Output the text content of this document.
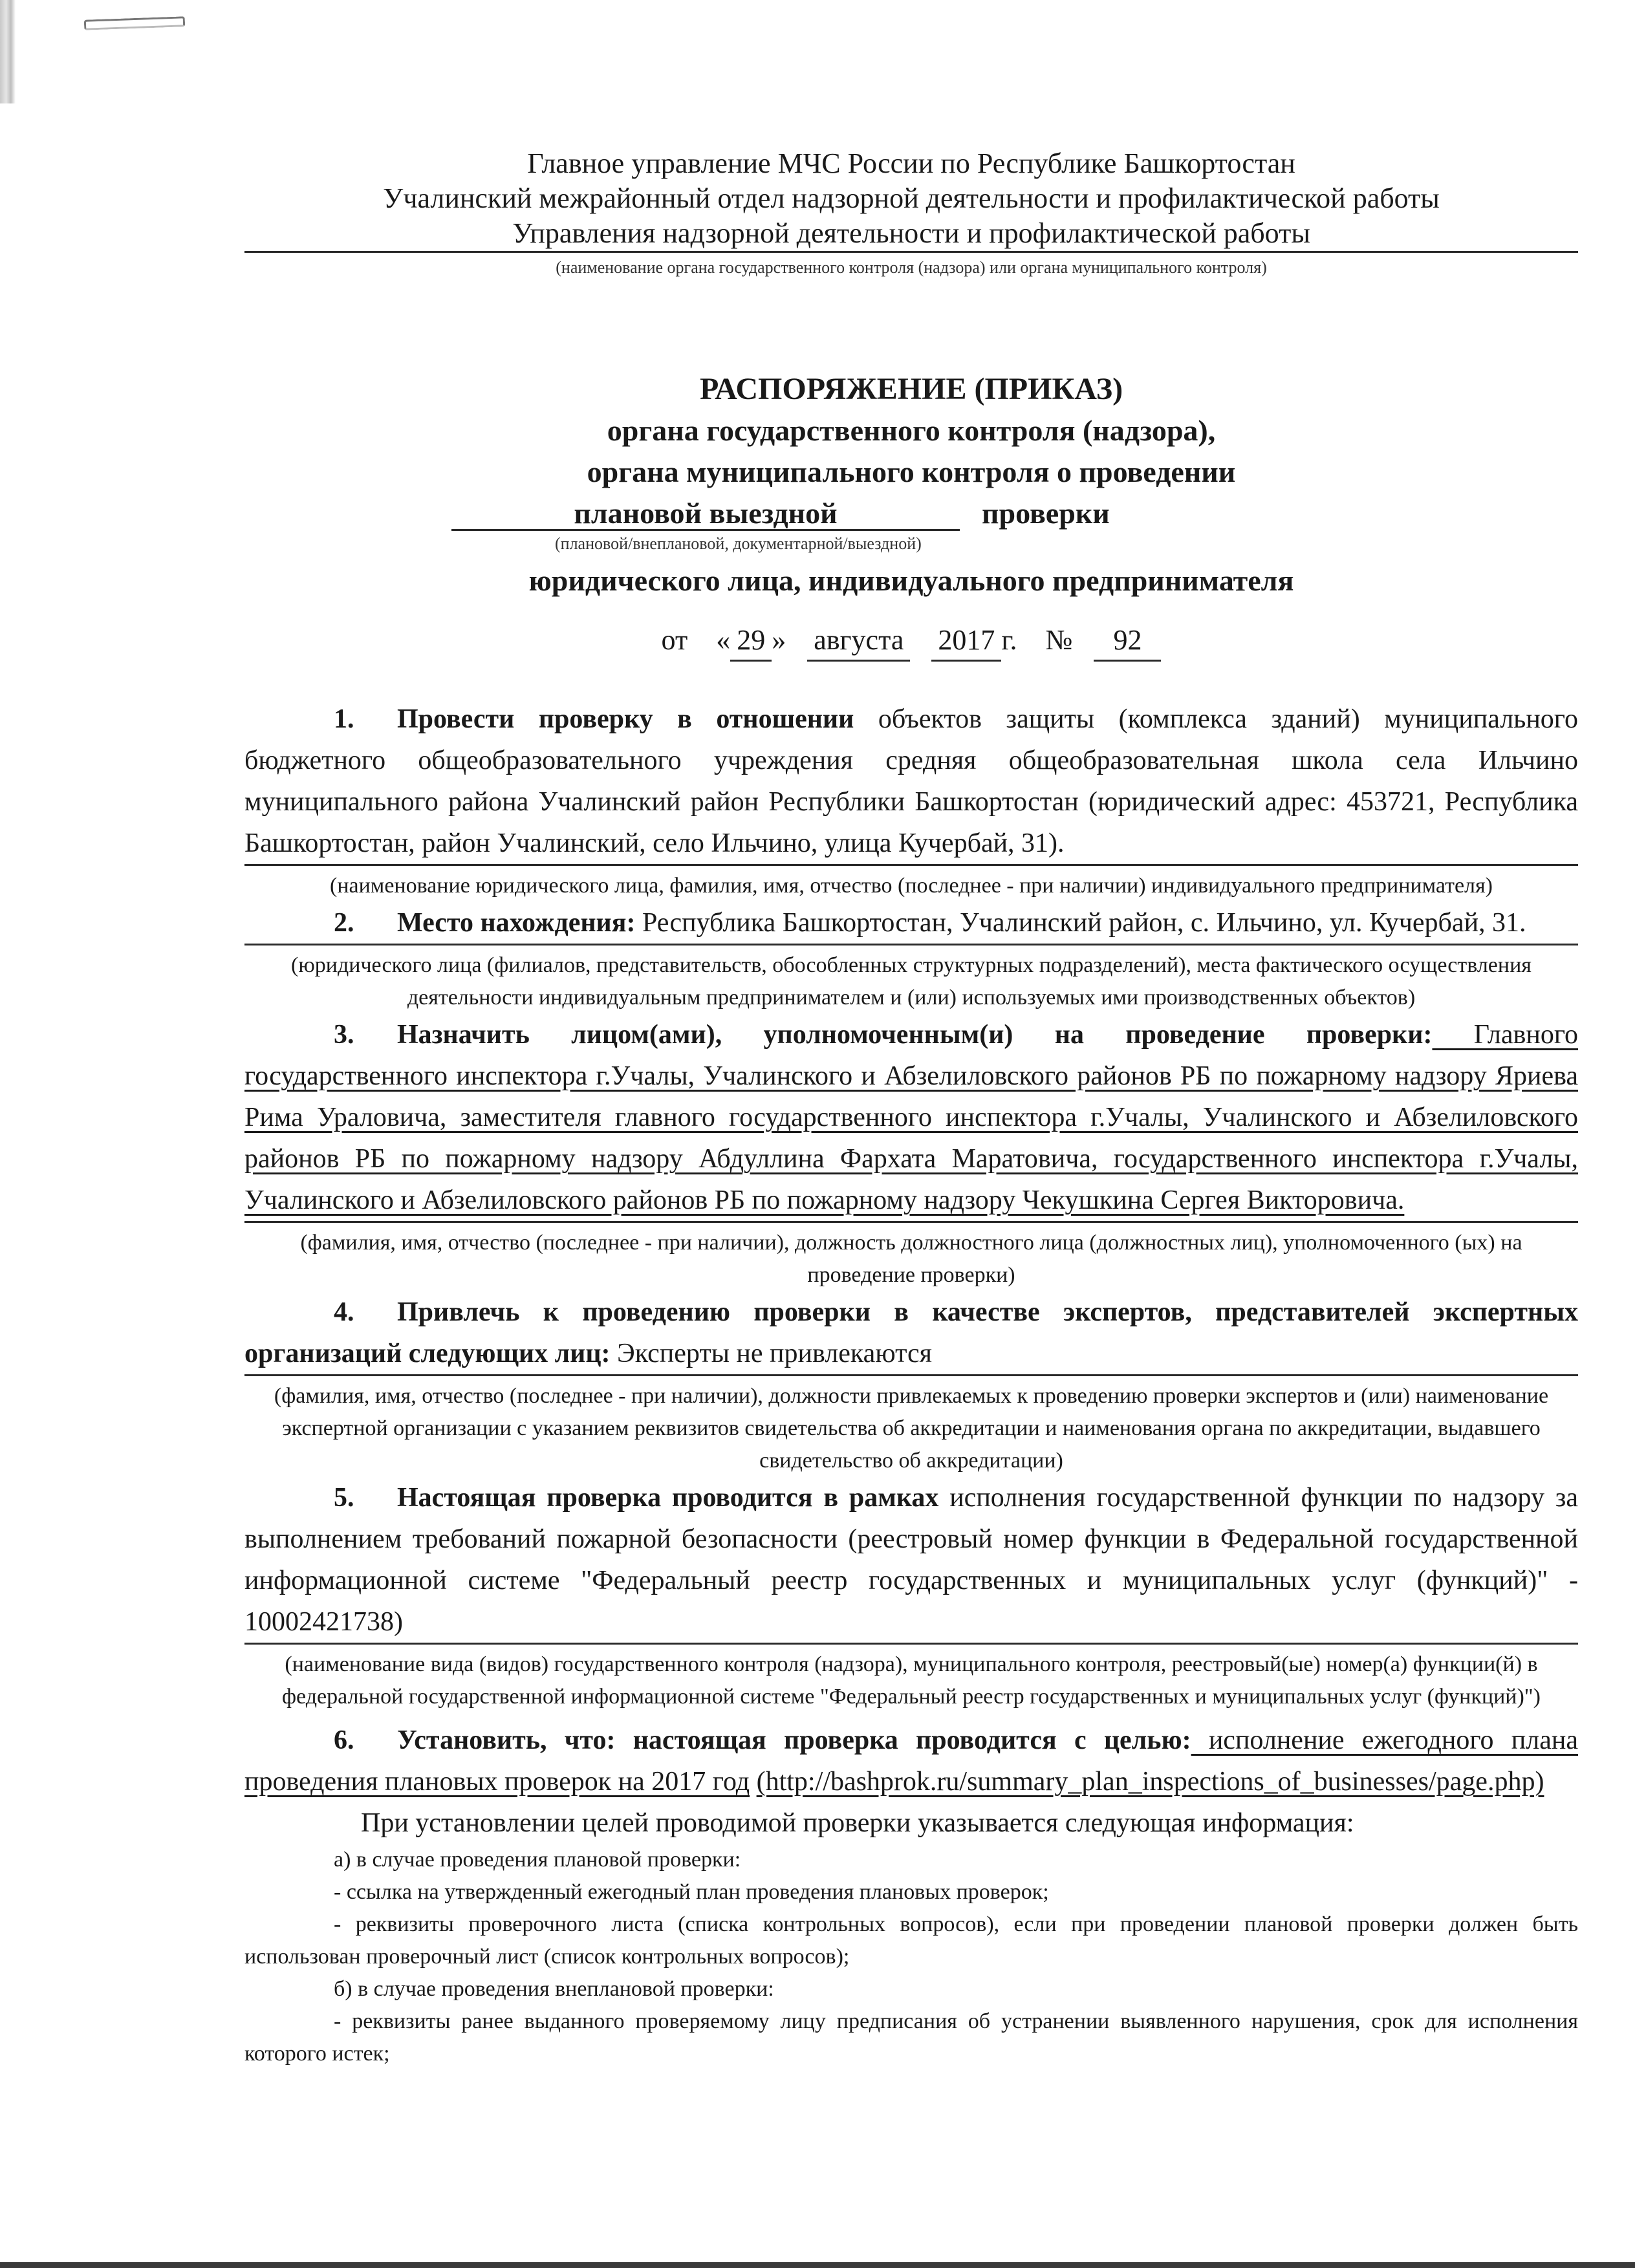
Главное управление МЧС России по Республике Башкортостан
Учалинский межрайонный отдел надзорной деятельности и профилактической работы
Управления надзорной деятельности и профилактической работы
(наименование органа государственного контроля (надзора) или органа муниципального контроля)
РАСПОРЯЖЕНИЕ (ПРИКАЗ)
органа государственного контроля (надзора),
органа муниципального контроля о проведении
плановой выездной	проверки
(плановой/внеплановой, документарной/выездной)
юридического лица, индивидуального предпринимателя
от « 29 » августа 2017 г. № 92

1. Провести проверку в отношении объектов защиты (комплекса зданий) муниципального бюджетного общеобразовательного учреждения средняя общеобразовательная школа села Ильчино муниципального района Учалинский район Республики Башкортостан (юридический адрес: 453721, Республика Башкортостан, район Учалинский, село Ильчино, улица Кучербай, 31).

(наименование юридического лица, фамилия, имя, отчество (последнее - при наличии) индивидуального предпринимателя)

2. Место нахождения: Республика Башкортостан, Учалинский район, с. Ильчино, ул. Кучербай, 31.

(юридического лица (филиалов, представительств, обособленных структурных подразделений), места фактического осуществления деятельности индивидуальным предпринимателем и (или) используемых ими производственных объектов)

3. Назначить лицом(ами), уполномоченным(и) на проведение проверки: Главного государственного инспектора г.Учалы, Учалинского и Абзелиловского районов РБ по пожарному надзору Яриева Рима Ураловича, заместителя главного государственного инспектора г.Учалы, Учалинского и Абзелиловского районов РБ по пожарному надзору Абдуллина Фархата Маратовича, государственного инспектора г.Учалы, Учалинского и Абзелиловского районов РБ по пожарному надзору Чекушкина Сергея Викторовича.

(фамилия, имя, отчество (последнее - при наличии), должность должностного лица (должностных лиц), уполномоченного (ых) на проведение проверки)

4. Привлечь к проведению проверки в качестве экспертов, представителей экспертных организаций следующих лиц: Эксперты не привлекаются

(фамилия, имя, отчество (последнее - при наличии), должности привлекаемых к проведению проверки экспертов и (или) наименование экспертной организации с указанием реквизитов свидетельства об аккредитации и наименования органа по аккредитации, выдавшего свидетельство об аккредитации)

5. Настоящая проверка проводится в рамках исполнения государственной функции по надзору за выполнением требований пожарной безопасности (реестровый номер функции в Федеральной государственной информационной системе "Федеральный реестр государственных и муниципальных услуг (функций)" - 10002421738)

(наименование вида (видов) государственного контроля (надзора), муниципального контроля, реестровый(ые) номер(а) функции(й) в федеральной государственной информационной системе "Федеральный реестр государственных и муниципальных услуг (функций)")

6. Установить, что: настоящая проверка проводится с целью: исполнение ежегодного плана проведения плановых проверок на 2017 год (http://bashprok.ru/summary_plan_inspections_of_businesses/page.php)

При установлении целей проводимой проверки указывается следующая информация:

а) в случае проведения плановой проверки:

- ссылка на утвержденный ежегодный план проведения плановых проверок;

- реквизиты проверочного листа (списка контрольных вопросов), если при проведении плановой проверки должен быть использован проверочный лист (список контрольных вопросов);

б) в случае проведения внеплановой проверки:

- реквизиты ранее выданного проверяемому лицу предписания об устранении выявленного нарушения, срок для исполнения которого истек;
